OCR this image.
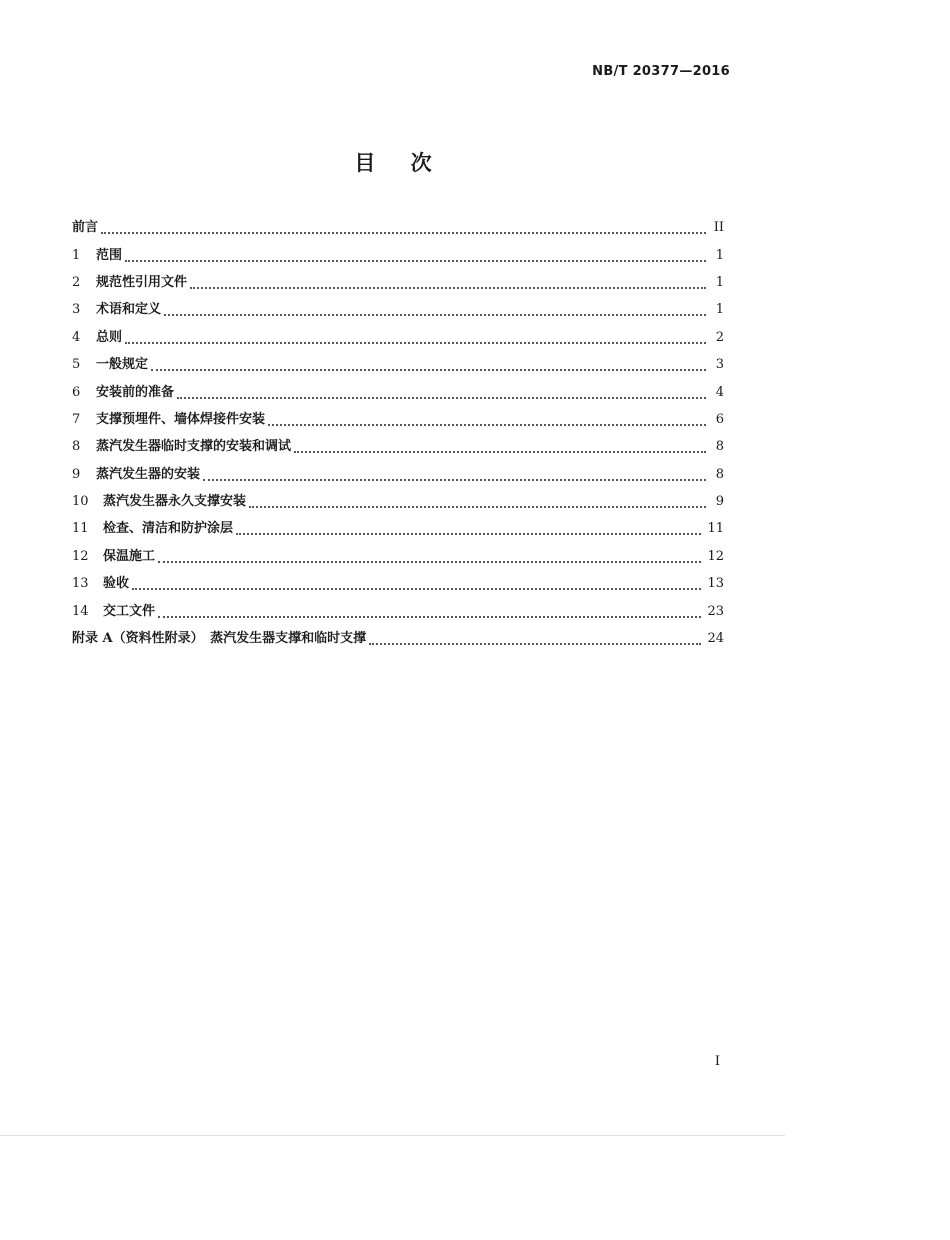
NB/T 20377—2016
目 次
前言	II
1	范围	1
2	规范性引用文件	1
3	术语和定义	1
4	总则	2
5	一般规定	3
6	安装前的准备	4
7	支撑预埋件、墙体焊接件安装	6
8	蒸汽发生器临时支撑的安装和调试	8
9	蒸汽发生器的安装	8
10	蒸汽发生器永久支撑安装	9
11	检查、清洁和防护涂层	11
12	保温施工	12
13	验收	13
14	交工文件	23
附录 A（资料性附录）　蒸汽发生器支撑和临时支撑	24
I
